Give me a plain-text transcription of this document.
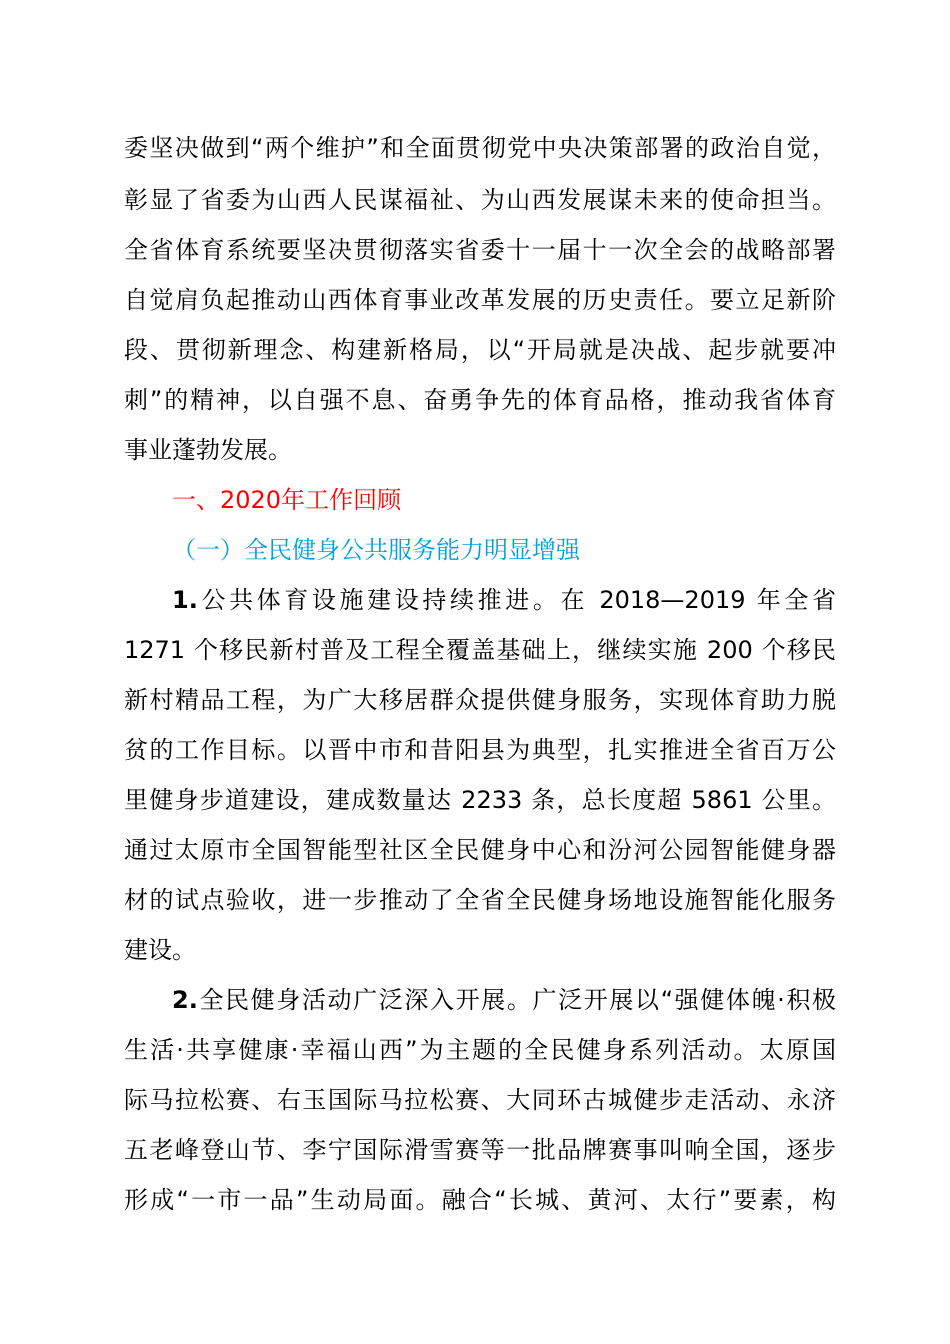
委坚决做到“两个维护”和全面贯彻党中央决策部署的政治自觉，
彰显了省委为山西人民谋福祉、为山西发展谋未来的使命担当。
全省体育系统要坚决贯彻落实省委十一届十一次全会的战略部署
自觉肩负起推动山西体育事业改革发展的历史责任。要立足新阶
段、贯彻新理念、构建新格局，以“开局就是决战、起步就要冲
刺”的精神，以自强不息、奋勇争先的体育品格，推动我省体育
事业蓬勃发展。
一、2020年工作回顾
（一）全民健身公共服务能力明显增强
1.公共体育设施建设持续推进。在 2018—2019 年全省
1271 个移民新村普及工程全覆盖基础上，继续实施 200 个移民
新村精品工程，为广大移居群众提供健身服务，实现体育助力脱
贫的工作目标。以晋中市和昔阳县为典型，扎实推进全省百万公
里健身步道建设，建成数量达 2233 条，总长度超 5861 公里。
通过太原市全国智能型社区全民健身中心和汾河公园智能健身器
材的试点验收，进一步推动了全省全民健身场地设施智能化服务
建设。
2.全民健身活动广泛深入开展。广泛开展以“强健体魄·积极
生活·共享健康·幸福山西”为主题的全民健身系列活动。太原国
际马拉松赛、右玉国际马拉松赛、大同环古城健步走活动、永济
五老峰登山节、李宁国际滑雪赛等一批品牌赛事叫响全国，逐步
形成“一市一品”生动局面。融合“长城、黄河、太行”要素，构
